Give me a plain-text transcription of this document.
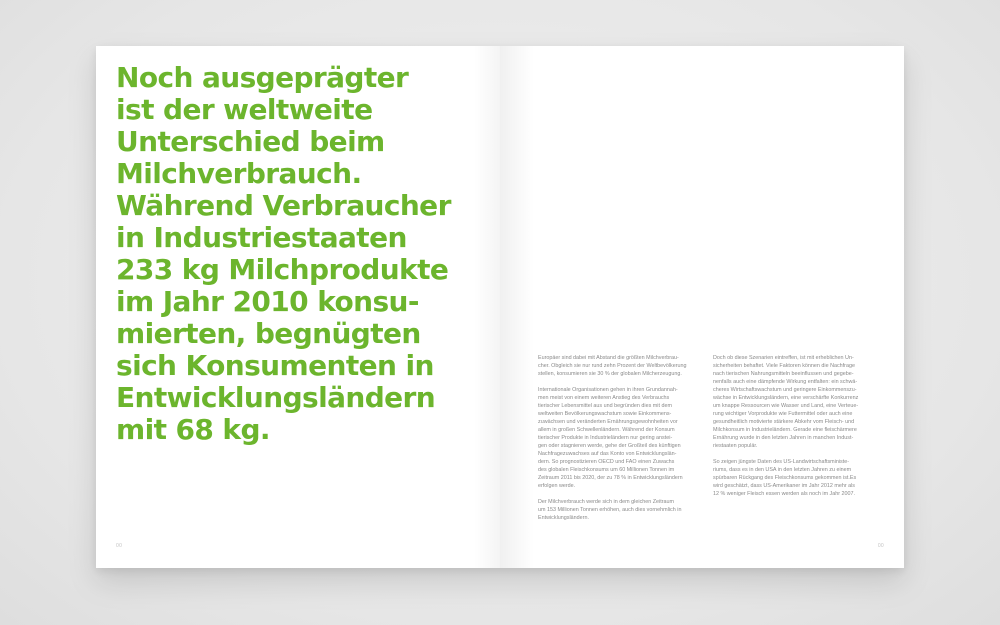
Noch ausgeprägter
ist der weltweite
Unterschied beim
Milchverbrauch.
Während Verbraucher
in Industriestaaten
233 kg Milchprodukte
im Jahr 2010 konsu-
mierten, begnügten
sich Konsumenten in
Entwicklungsländern
mit 68 kg.
00

Europäer sind dabei mit Abstand die größten Milchverbrau-
cher. Obgleich sie nur rund zehn Prozent der Weltbevölkerung
stellen, konsumieren sie 30 % der globalen Milcherzeugung.

Internationale Organisationen gehen in ihren Grundannah-
men meist von einem weiteren Anstieg des Verbrauchs
tierischer Lebensmittel aus und begründen dies mit dem
weltweiten Bevölkerungswachstum sowie Einkommens-
zuwächsen und veränderten Ernährungsgewohnheiten vor
allem in großen Schwellenländern. Während der Konsum
tierischer Produkte in Industrieländern nur gering anstei-
gen oder stagnieren werde, gehe der Großteil des künftigen
Nachfragezuwachses auf das Konto von Entwicklungslän-
dern. So prognostizieren OECD und FAO einen Zuwachs
des globalen Fleischkonsums um 60 Millionen Tonnen im
Zeitraum 2011 bis 2020, der zu 78 % in Entwicklungsländern
erfolgen werde.

Der Milchverbrauch werde sich in dem gleichen Zeitraum
um 153 Millionen Tonnen erhöhen, auch dies vornehmlich in
Entwicklungsländern.

Doch ob diese Szenarien eintreffen, ist mit erheblichen Un-
sicherheiten behaftet. Viele Faktoren können die Nachfrage
nach tierischen Nahrungsmitteln beeinflussen und gegebe-
nenfalls auch eine dämpfende Wirkung entfalten: ein schwä-
cheres Wirtschaftswachstum und geringere Einkommenszu-
wächse in Entwicklungsländern, eine verschärfte Konkurrenz
um knappe Ressourcen wie Wasser und Land, eine Verteue-
rung wichtiger Vorprodukte wie Futtermittel oder auch eine
gesundheitlich motivierte stärkere Abkehr vom Fleisch- und
Milchkonsum in Industrieländern. Gerade eine fleischärmere
Ernährung wurde in den letzten Jahren in manchen Indust-
riestaaten populär.

So zeigen jüngste Daten des US-Landwirtschaftsministe-
riums, dass es in den USA in den letzten Jahren zu einem
spürbaren Rückgang des Fleischkonsums gekommen ist.Es
wird geschätzt, dass US-Amerikaner im Jahr 2012 mehr als
12 % weniger Fleisch essen werden als noch im Jahr 2007.

00
